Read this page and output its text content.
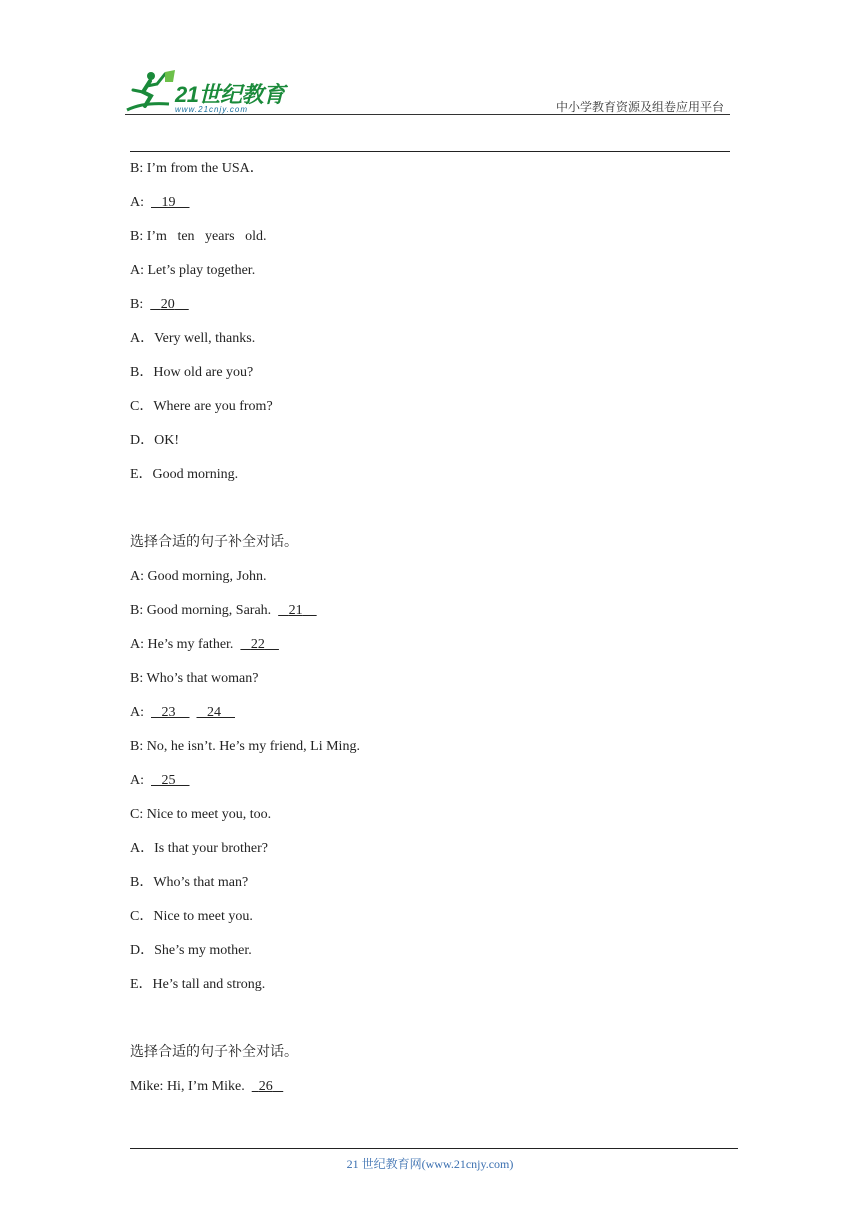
21世纪教育
www.21cnjy.com	中小学教育资源及组卷应用平台
B: I’m from the USA．
A:     19
B: I’m   ten   years   old.
A: Let’s play together.
B:     20
A．Very well, thanks.
B．How old are you?
C．Where are you from?
D．OK!
E．Good morning.
选择合适的句子补全对话。
A: Good morning, John.
B: Good morning, Sarah.     21
A: He’s my father.     22
B: Who’s that woman?
A:     23 24
B: No, he isn’t. He’s my friend, Li Ming.
A:     25
C: Nice to meet you, too.
A．Is that your brother?
B．Who’s that man?
C．Nice to meet you.
D．She’s my mother.
E．He’s tall and strong.
选择合适的句子补全对话。
Mike: Hi, I’m Mike.    26
21 世纪教育网(www.21cnjy.com)
